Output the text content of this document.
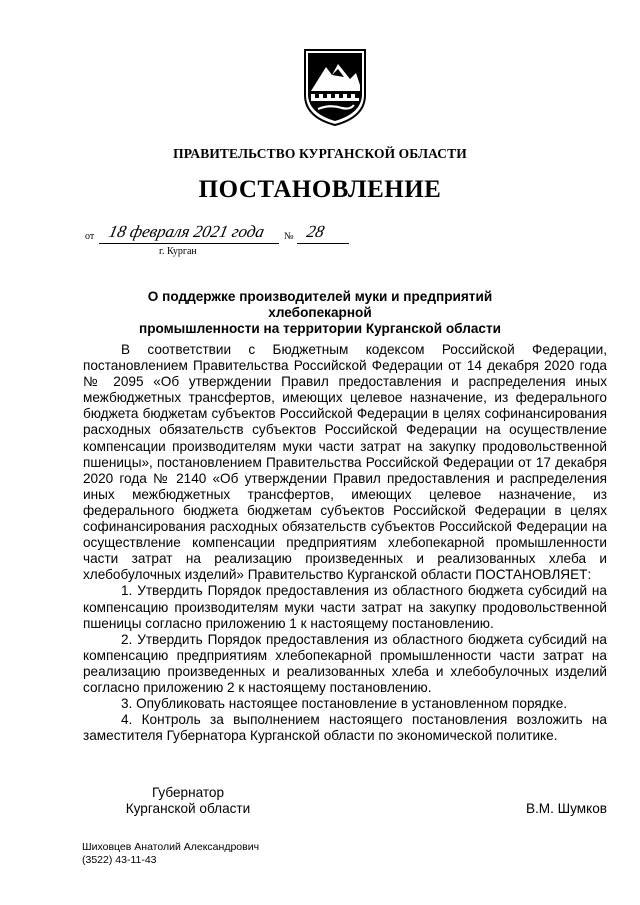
ПРАВИТЕЛЬСТВО КУРГАНСКОЙ ОБЛАСТИ
ПОСТАНОВЛЕНИЕ
от 18 февраля 2021 года № 28
г. Курган
О поддержке производителей муки и предприятий хлебопекарной
промышленности на территории Курганской области

В соответствии с Бюджетным кодексом Российской Федерации, постановлением Правительства Российской Федерации от 14 декабря 2020 года № 2095 «Об утверждении Правил предоставления и распределения иных межбюджетных трансфертов, имеющих целевое назначение, из федерального бюджета бюджетам субъектов Российской Федерации в целях софинансирования расходных обязательств субъектов Российской Федерации на осуществление компенсации производителям муки части затрат на закупку продовольственной пшеницы», постановлением Правительства Российской Федерации от 17 декабря 2020 года № 2140 «Об утверждении Правил предоставления и распределения иных межбюджетных трансфертов, имеющих целевое назначение, из федерального бюджета бюджетам субъектов Российской Федерации в целях софинансирования расходных обязательств субъектов Российской Федерации на осуществление компенсации предприятиям хлебопекарной промышленности части затрат на реализацию произведенных и реализованных хлеба и хлебобулочных изделий» Правительство Курганской области ПОСТАНОВЛЯЕТ:

1. Утвердить Порядок предоставления из областного бюджета субсидий на компенсацию производителям муки части затрат на закупку продовольственной пшеницы согласно приложению 1 к настоящему постановлению.

2. Утвердить Порядок предоставления из областного бюджета субсидий на компенсацию предприятиям хлебопекарной промышленности части затрат на реализацию произведенных и реализованных хлеба и хлебобулочных изделий согласно приложению 2 к настоящему постановлению.

3. Опубликовать настоящее постановление в установленном порядке.

4. Контроль за выполнением настоящего постановления возложить на заместителя Губернатора Курганской области по экономической политике.

Губернатор
Курганской области	В.М. Шумков
Шиховцев Анатолий Александрович
(3522) 43-11-43
